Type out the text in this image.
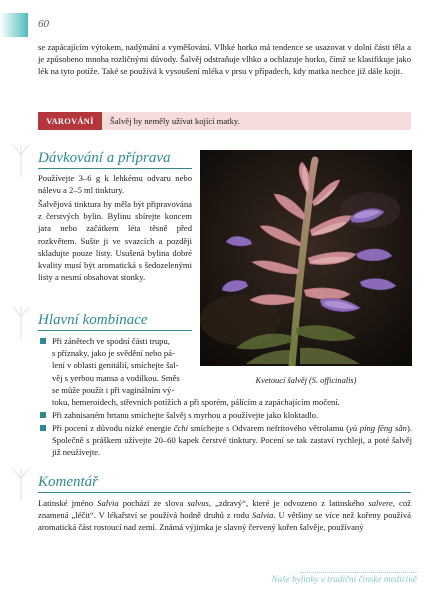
60
se zapácajícím výtokem, nadýmání a vyměšování. Vlhké horko má tendence se usazovat v dolní části těla a je způsobeno mnoha rozličnými důvody. Šalvěj odstraňuje vlhko a ochlazuje horko, čímž se klasifikuje jako lék na tyto potíže. Také se používá k vysoušení mléka v prsu v případech, kdy matka nechce již dále kojit.
VAROVÁNÍ	Šalvěj by neměly užívat kojící matky.
ᛉ Dávkování a příprava
Používejte 3–6 g k lehkému odvaru nebo nálevu a 2–5 ml tinktury.
Šalvějová tinktura by měla být připravována z čerstvých bylin. Bylinu sbírejte koncem jara nebo začátkem léta těsně před rozkvětem. Sušte ji ve svazcích a později skladujte pouze listy. Usušená bylina dobré kvality musí být aromatická s šedozelenými listy a nesmí obsahovat stonky.
Kvetoucí šalvěj (S. officinalis)
ᛉ Hlavní kombinace
Při zánětech ve spodní části trupu,
s příznaky, jako je svědění nebo pá-
lení v oblasti genitálií, smíchejte šal-
věj s yerbou mansa a vodilkou. Směs
se může použít i při vaginálním vý-
toku, hemeroidech, střevních potížích a při sporém, pálícím a zapáchajícím močení.
Při zahnisaném hrtanu smíchejte šalvěj s myrhou a používejte jako kloktadlo.
Při pocení z důvodu nízké energie čchi smíchejte s Odvarem nefritového větrolamu (yù píng fēng sǎn). Společně s práškem užívejte 20–60 kapek čerstvé tinktury. Pocení se tak zastaví rychleji, a poté šalvěj již neužívejte.
ᛉ Komentář
Latinské jméno Salvia pochází ze slova salvus, „zdravý“, které je odvozeno z latinského salvere, což znamená „léčit“. V lékařství se používá hodně druhů z rodu Salvia. U většiny se více než kořeny používá aromatická část rostoucí nad zemí. Známá výjimka je slavný červený kořen šalvěje, používaný
Naše bylinky v tradiční čínské medicíně
